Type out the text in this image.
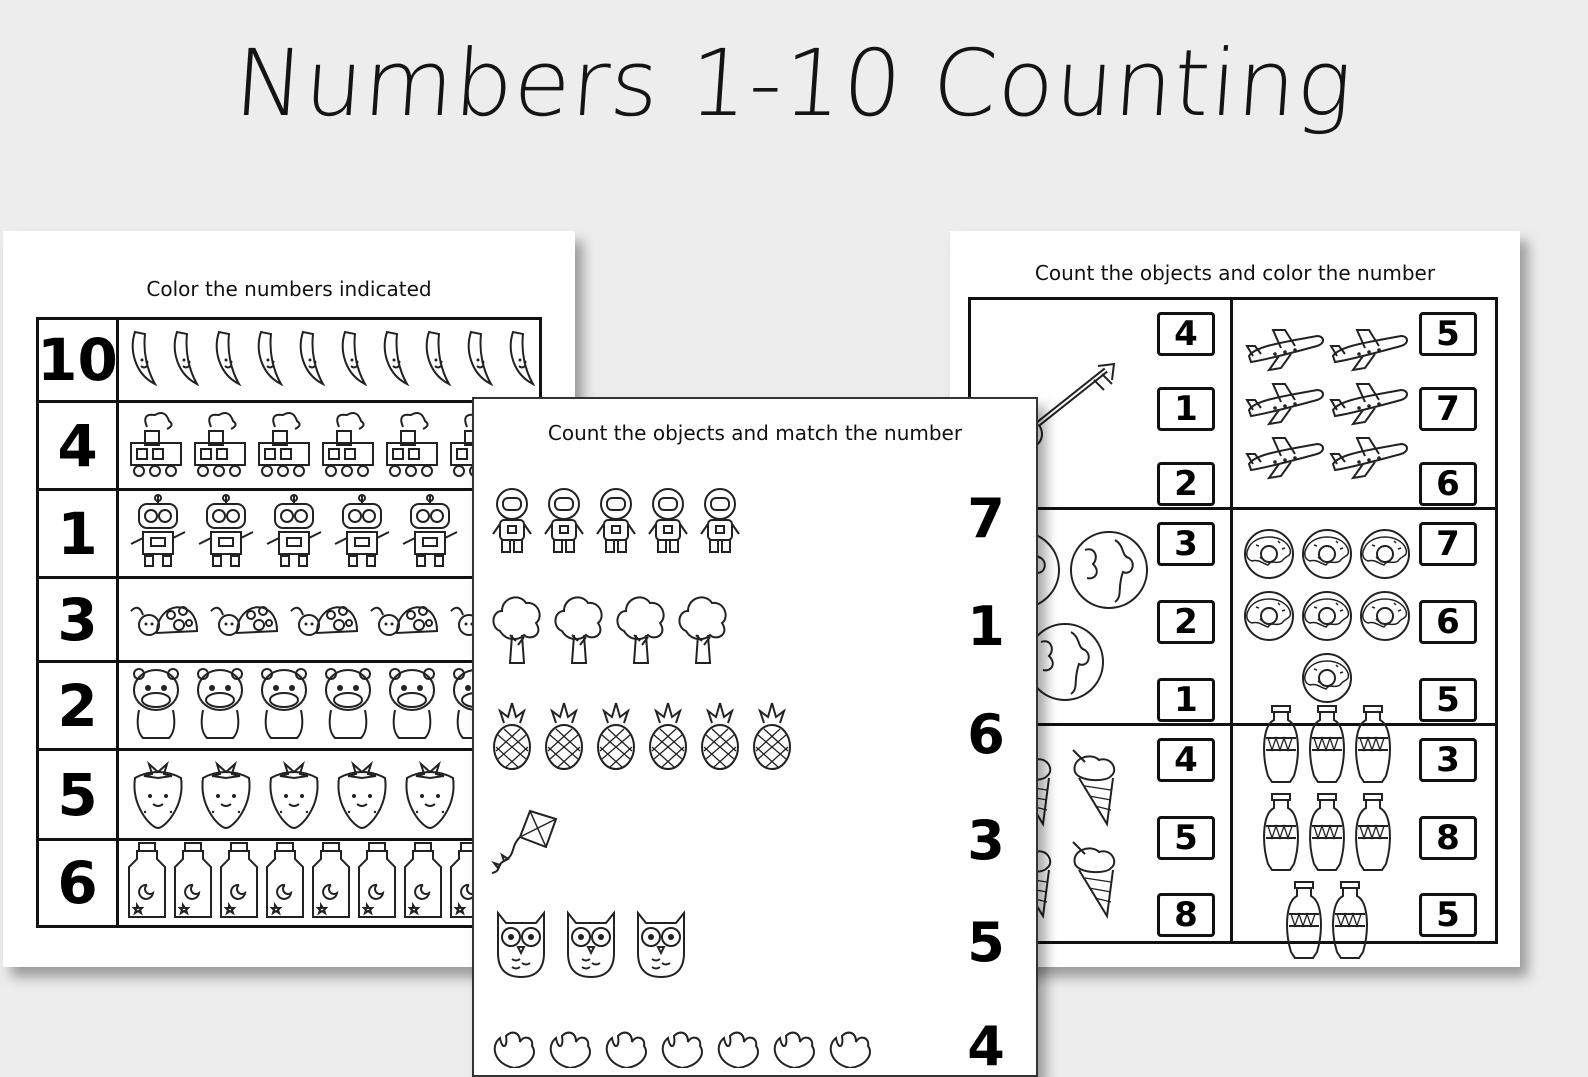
Numbers 1-10 Counting
Color the numbers indicated
10
4
1
3
2
5
6
Count the objects and color the number
4
1
2
5
7
6
3
2
1
7
6
5
4
5
8
3
8
5
Count the objects and match the number
7
1
6
3
5
4
